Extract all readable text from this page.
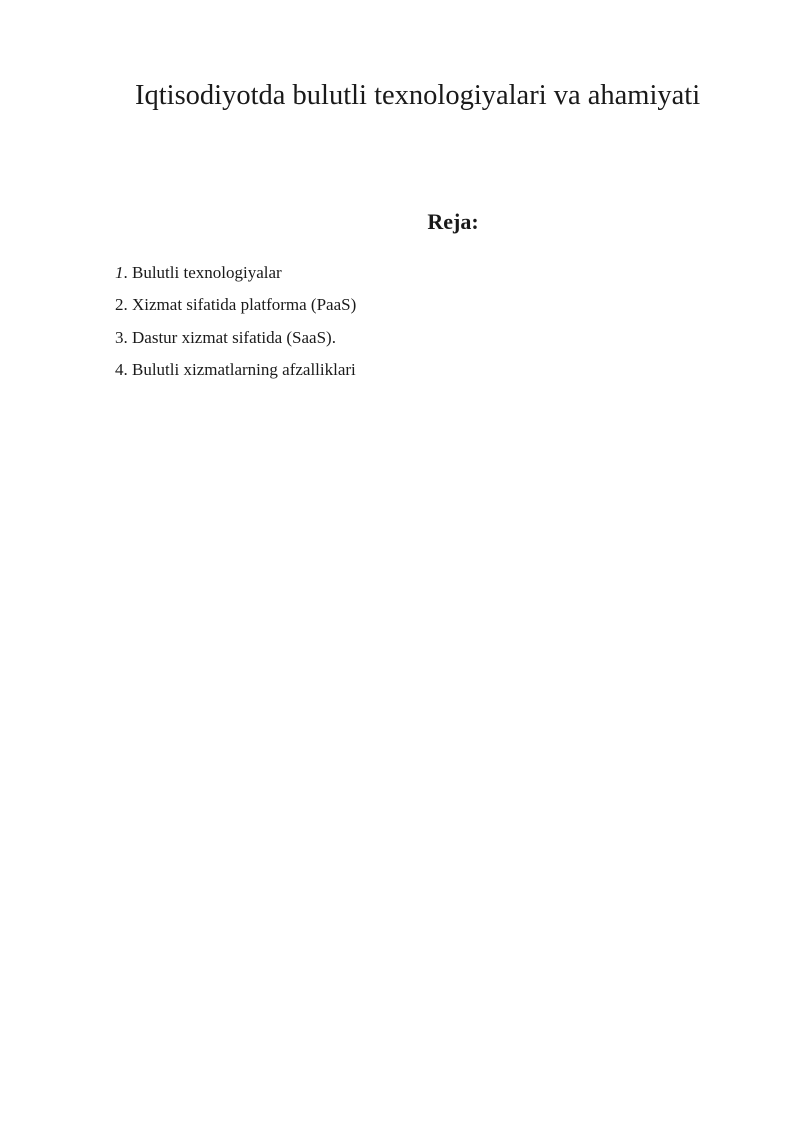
Iqtisodiyotda bulutli texnologiyalari va ahamiyati
Reja:
1. Bulutli texnologiyalar
2. Xizmat sifatida platforma (PaaS)
3. Dastur xizmat sifatida (SaaS).
4. Bulutli xizmatlarning afzalliklari
